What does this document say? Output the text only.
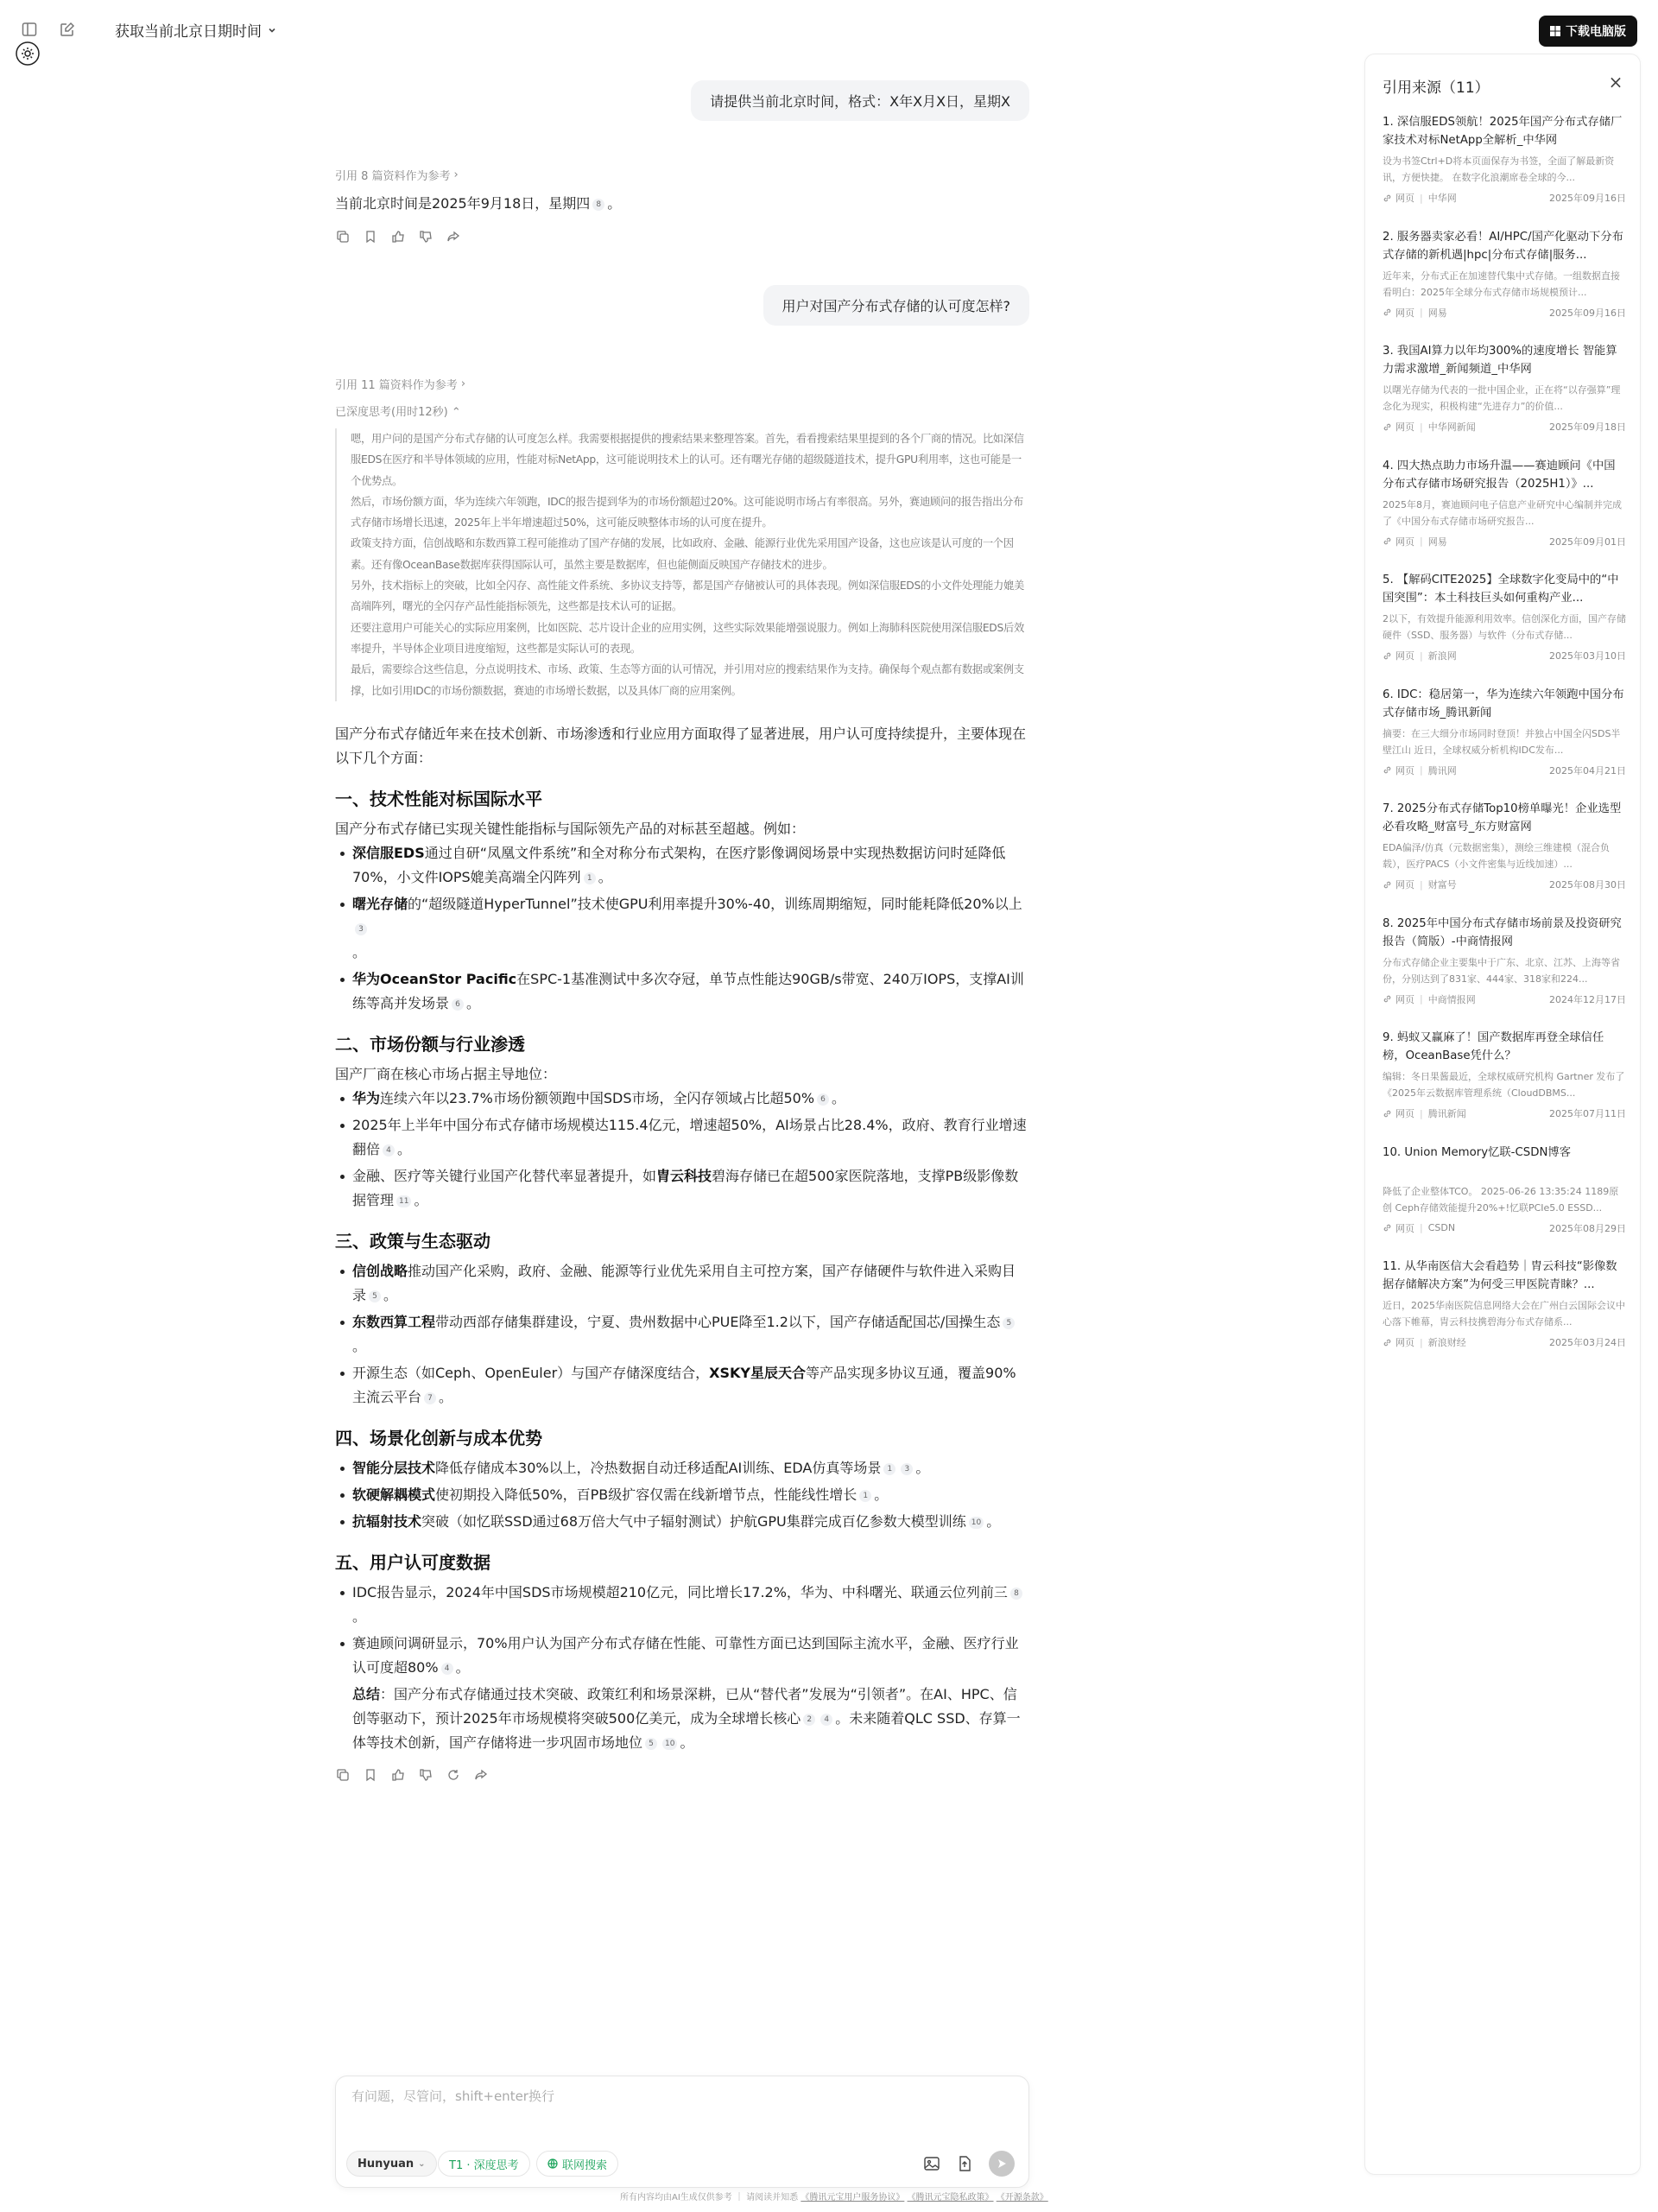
获取当前北京日期时间	下载电脑版
请提供当前北京时间，格式：X年X月X日，星期X
引用 8 篇资料作为参考 ›
当前北京时间是2025年9月18日，星期四 8 。
用户对国产分布式存储的认可度怎样?
引用 11 篇资料作为参考 ›
已深度思考(用时12秒) ⌃

嗯，用户问的是国产分布式存储的认可度怎么样。我需要根据提供的搜索结果来整理答案。首先，看看搜索结果里提到的各个厂商的情况。比如深信服EDS在医疗和半导体领域的应用，性能对标NetApp，这可能说明技术上的认可。还有曙光存储的超级隧道技术，提升GPU利用率，这也可能是一个优势点。

然后，市场份额方面，华为连续六年领跑，IDC的报告提到华为的市场份额超过20%。这可能说明市场占有率很高。另外，赛迪顾问的报告指出分布式存储市场增长迅速，2025年上半年增速超过50%，这可能反映整体市场的认可度在提升。

政策支持方面，信创战略和东数西算工程可能推动了国产存储的发展，比如政府、金融、能源行业优先采用国产设备，这也应该是认可度的一个因素。还有像OceanBase数据库获得国际认可，虽然主要是数据库，但也能侧面反映国产存储技术的进步。

另外，技术指标上的突破，比如全闪存、高性能文件系统、多协议支持等，都是国产存储被认可的具体表现。例如深信服EDS的小文件处理能力媲美高端阵列，曙光的全闪存产品性能指标领先，这些都是技术认可的证据。

还要注意用户可能关心的实际应用案例，比如医院、芯片设计企业的应用实例，这些实际效果能增强说服力。例如上海肺科医院使用深信服EDS后效率提升，半导体企业项目进度缩短，这些都是实际认可的表现。

最后，需要综合这些信息，分点说明技术、市场、政策、生态等方面的认可情况，并引用对应的搜索结果作为支持。确保每个观点都有数据或案例支撑，比如引用IDC的市场份额数据，赛迪的市场增长数据，以及具体厂商的应用案例。

国产分布式存储近年来在技术创新、市场渗透和行业应用方面取得了显著进展，用户认可度持续提升，主要体现在以下几个方面：

一、技术性能对标国际水平

国产分布式存储已实现关键性能指标与国际领先产品的对标甚至超越。例如：

深信服EDS通过自研“凤凰文件系统”和全对称分布式架构，在医疗影像调阅场景中实现热数据访问时延降低70%，小文件IOPS媲美高端全闪阵列 1 。
曙光存储的“超级隧道HyperTunnel”技术使GPU利用率提升30%-40，训练周期缩短，同时能耗降低20%以上3
。
华为OceanStor Pacific在SPC-1基准测试中多次夺冠，单节点性能达90GB/s带宽、240万IOPS，支撑AI训练等高并发场景 6 。
二、市场份额与行业渗透

国产厂商在核心市场占据主导地位：

华为连续六年以23.7%市场份额领跑中国SDS市场，全闪存领域占比超50% 6 。
2025年上半年中国分布式存储市场规模达115.4亿元，增速超50%，AI场景占比28.4%，政府、教育行业增速翻倍 4 。
金融、医疗等关键行业国产化替代率显著提升，如胄云科技碧海存储已在超500家医院落地，支撑PB级影像数据管理 11 。
三、政策与生态驱动
信创战略推动国产化采购，政府、金融、能源等行业优先采用自主可控方案，国产存储硬件与软件进入采购目录 5 。
东数西算工程带动西部存储集群建设，宁夏、贵州数据中心PUE降至1.2以下，国产存储适配国芯/国操生态 5
。
开源生态（如Ceph、OpenEuler）与国产存储深度结合，XSKY星辰天合等产品实现多协议互通，覆盖90%主流云平台 7 。
四、场景化创新与成本优势
智能分层技术降低存储成本30%以上，冷热数据自动迁移适配AI训练、EDA仿真等场景 1 3 。
软硬解耦模式使初期投入降低50%，百PB级扩容仅需在线新增节点，性能线性增长 1 。
抗辐射技术突破（如忆联SSD通过68万倍大气中子辐射测试）护航GPU集群完成百亿参数大模型训练 10 。
五、用户认可度数据
IDC报告显示，2024年中国SDS市场规模超210亿元，同比增长17.2%，华为、中科曙光、联通云位列前三 8。
赛迪顾问调研显示，70%用户认为国产分布式存储在性能、可靠性方面已达到国际主流水平，金融、医疗行业认可度超80% 4 。

总结：国产分布式存储通过技术突破、政策红利和场景深耕，已从“替代者”发展为“引领者”。在AI、HPC、信创等驱动下，预计2025年市场规模将突破500亿美元，成为全球增长核心 2 4 。未来随着QLC SSD、存算一体等技术创新，国产存储将进一步巩固市场地位 5 10 。

有问题，尽管问，shift+enter换行
Hunyuan ⌄ T1 · 深度思考	联网搜索
所有内容均由AI生成仅供参考 ｜ 请阅读并知悉 《腾讯元宝用户服务协议》 《腾讯元宝隐私政策》 《开源条款》
引用来源（11）	×
1. 深信服EDS领航！2025年国产分布式存储厂家技术对标NetApp全解析_中华网
设为书签Ctrl+D将本页面保存为书签，全面了解最新资讯，方便快捷。 在数字化浪潮席卷全球的今...
网页 | 中华网	2025年09月16日
2. 服务器卖家必看！AI/HPC/国产化驱动下分布式存储的新机遇|hpc|分布式存储|服务...
近年来，分布式正在加速替代集中式存储。一组数据直接看明白：2025年全球分布式存储市场规模预计...
网页 | 网易	2025年09月16日
3. 我国AI算力以年均300%的速度增长 智能算力需求激增_新闻频道_中华网
以曙光存储为代表的一批中国企业，正在将“以存强算”理念化为现实，积极构建“先进存力”的价值...
网页 | 中华网新闻	2025年09月18日
4. 四大热点助力市场升温——赛迪顾问《中国分布式存储市场研究报告（2025H1）》...
2025年8月，赛迪顾问电子信息产业研究中心编制并完成了《中国分布式存储市场研究报告...
网页 | 网易	2025年09月01日
5. 【解码CITE2025】全球数字化变局中的“中国突围”：本土科技巨头如何重构产业...
2以下，有效提升能源利用效率。信创深化方面，国产存储硬件（SSD、服务器）与软件（分布式存储...
网页 | 新浪网	2025年03月10日
6. IDC：稳居第一，华为连续六年领跑中国分布式存储市场_腾讯新闻
摘要：在三大细分市场同时登顶！并独占中国全闪SDS半壁江山 近日，全球权威分析机构IDC发布...
网页 | 腾讯网	2025年04月21日
7. 2025分布式存储Top10榜单曝光！企业选型必看攻略_财富号_东方财富网
EDA偏泽/仿真（元数据密集），测绘三维建模（混合负载），医疗PACS（小文件密集与近线加速）...
网页 | 财富号	2025年08月30日
8. 2025年中国分布式存储市场前景及投资研究报告（简版）-中商情报网
分布式存储企业主要集中于广东、北京、江苏、上海等省份，分别达到了831家、444家、318家和224...
网页 | 中商情报网	2024年12月17日
9. 蚂蚁又赢麻了！国产数据库再登全球信任榜，OceanBase凭什么？
编辑：冬日果酱最近，全球权威研究机构 Gartner 发布了《2025年云数据库管理系统（CloudDBMS...
网页 | 腾讯新闻	2025年07月11日
10. Union Memory忆联-CSDN博客
降低了企业整体TCO。 2025-06-26 13:35:24 1189原创 Ceph存储效能提升20%+!忆联PCIe5.0 ESSD...
网页 | CSDN	2025年08月29日
11. 从华南医信大会看趋势｜胄云科技“影像数据存储解决方案”为何受三甲医院青睐？...
近日，2025华南医院信息网络大会在广州白云国际会议中心落下帷幕，胄云科技携碧海分布式存储系...
网页 | 新浪财经	2025年03月24日
